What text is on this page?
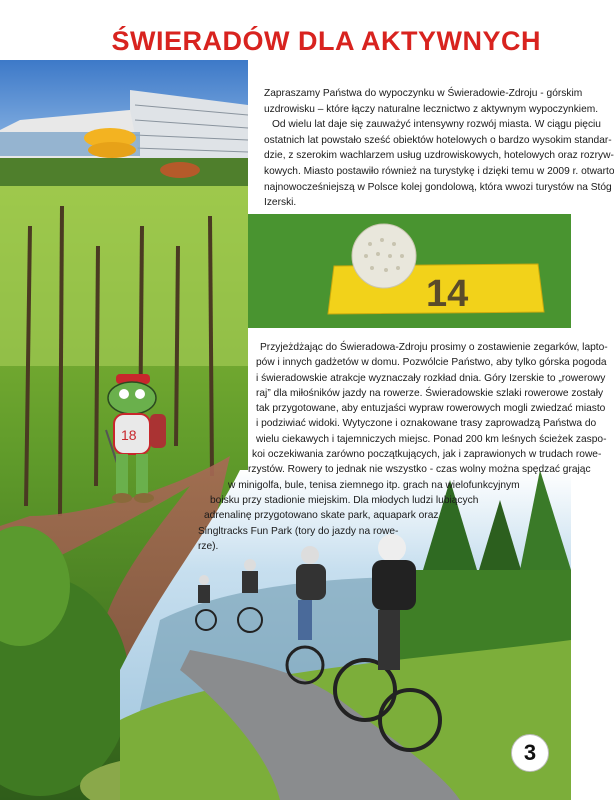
ŚWIERADÓW DLA AKTYWNYCH
18
14

Zapraszamy Państwa do wypoczynku w Świeradowie-Zdroju - górskim
uzdrowisku – które łączy naturalne lecznictwo z aktywnym wypoczynkiem.
Od wielu lat daje się zauważyć intensywny rozwój miasta. W ciągu pięciu
ostatnich lat powstało sześć obiektów hotelowych o bardzo wysokim standar-
dzie, z szerokim wachlarzem usług uzdrowiskowych, hotelowych oraz rozryw-
kowych. Miasto postawiło również na turystykę i dzięki temu w 2009 r. otwarto
najnowocześniejszą w Polsce kolej gondolową, która wwozi turystów na Stóg
Izerski.

Przyjeżdżając do Świeradowa-Zdroju prosimy o zostawienie zegarków, lapto-
pów i innych gadżetów w domu. Pozwólcie Państwo, aby tylko górska pogoda
i świeradowskie atrakcje wyznaczały rozkład dnia. Góry Izerskie to „rowerowy
raj” dla miłośników jazdy na rowerze. Świeradowskie szlaki rowerowe zostały
tak przygotowane, aby entuzjaści wypraw rowerowych mogli zwiedzać miasto
i podziwiać widoki. Wytyczone i oznakowane trasy zaprowadzą Państwa do
wielu ciekawych i tajemniczych miejsc. Ponad 200 km leśnych ścieżek zaspo-
koi oczekiwania zarówno początkujących, jak i zaprawionych w trudach rowe-
rzystów. Rowery to jednak nie wszystko - czas wolny można spędzać grając
w minigolfa, bule, tenisa ziemnego itp. grach na wielofunkcyjnym
boisku przy stadionie miejskim. Dla młodych ludzi lubiących
adrenalinę przygotowano skate park, aquapark oraz
Singltracks Fun Park (tory do jazdy na rowe-
rze).

3
